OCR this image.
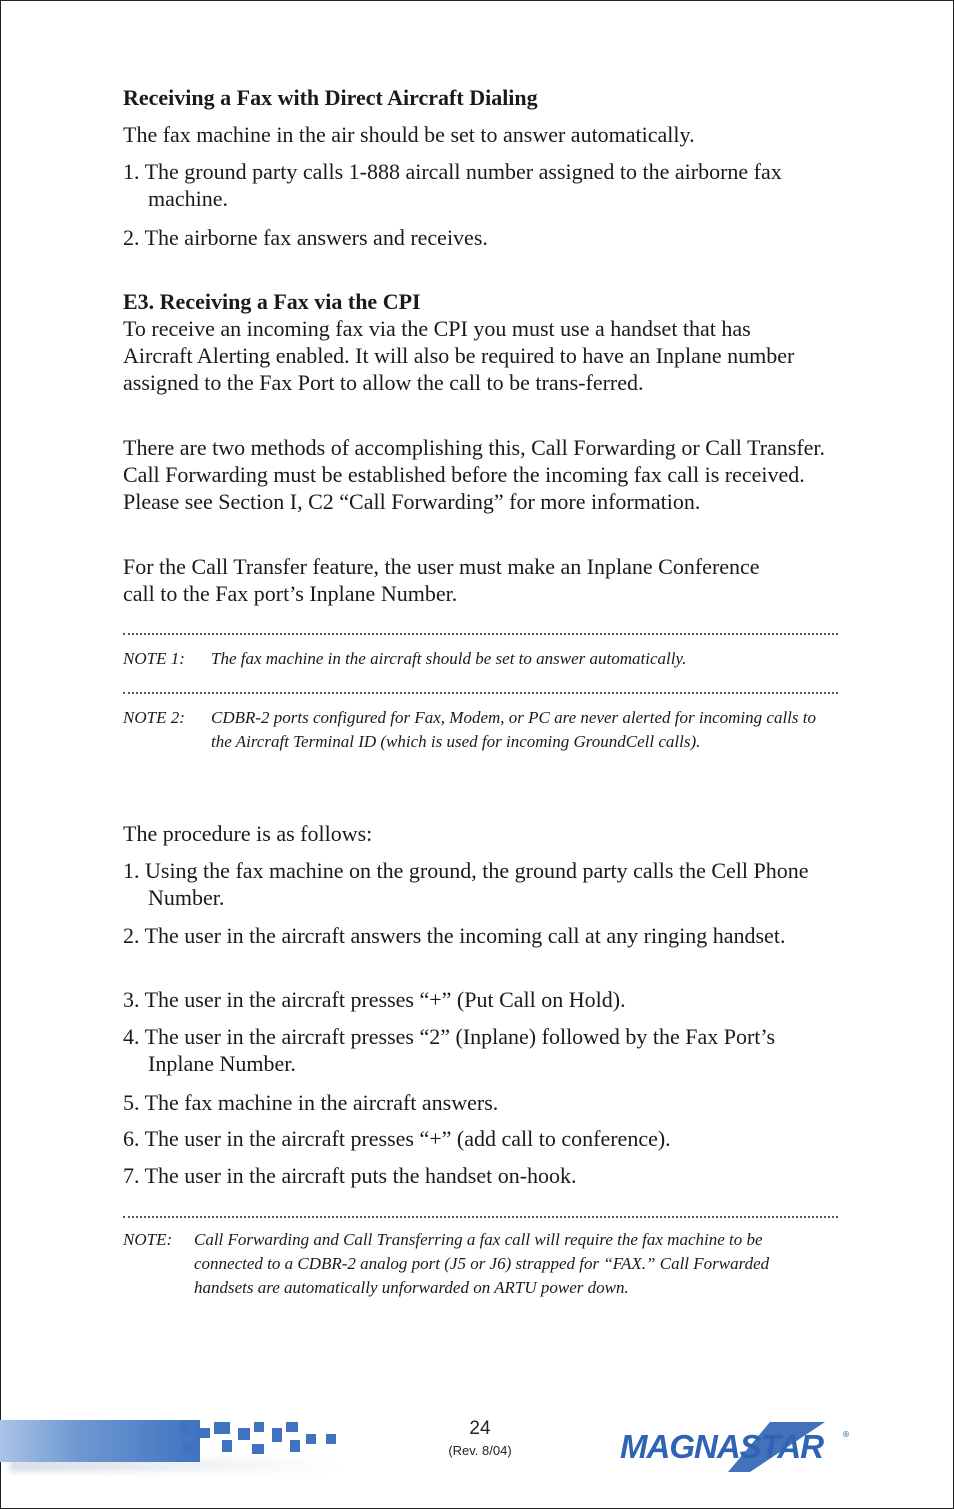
Receiving a Fax with Direct Aircraft Dialing

The fax machine in the air should be set to answer automatically.

1. The ground party calls 1-888 aircall number assigned to the airborne fax machine.

2. The airborne fax answers and receives.

E3. Receiving a Fax via the CPI

To receive an incoming fax via the CPI you must use a handset that has Aircraft Alerting enabled. It will also be required to have an Inplane number assigned to the Fax Port to allow the call to be trans-ferred.

There are two methods of accomplishing this, Call Forwarding or Call Transfer. Call Forwarding must be established before the incoming fax call is received. Please see Section I, C2 “Call Forwarding” for more information.

For the Call Transfer feature, the user must make an Inplane Conference call to the Fax port’s Inplane Number.

NOTE 1: The fax machine in the aircraft should be set to answer automatically.
NOTE 2: CDBR-2 ports configured for Fax, Modem, or PC are never alerted for incoming calls to the Aircraft Terminal ID (which is used for incoming GroundCell calls).

The procedure is as follows:

1. Using the fax machine on the ground, the ground party calls the Cell Phone Number.

2. The user in the aircraft answers the incoming call at any ringing handset.

3. The user in the aircraft presses “+” (Put Call on Hold).

4. The user in the aircraft presses “2” (Inplane) followed by the Fax Port’s Inplane Number.

5. The fax machine in the aircraft answers.

6. The user in the aircraft presses “+” (add call to conference).

7. The user in the aircraft puts the handset on-hook.

NOTE: Call Forwarding and Call Transferring a fax call will require the fax machine to be connected to a CDBR-2 analog port (J5 or J6) strapped for “FAX.” Call Forwarded handsets are automatically unforwarded on ARTU power down.
24
(Rev. 8/04)	MAGNASTAR ®
